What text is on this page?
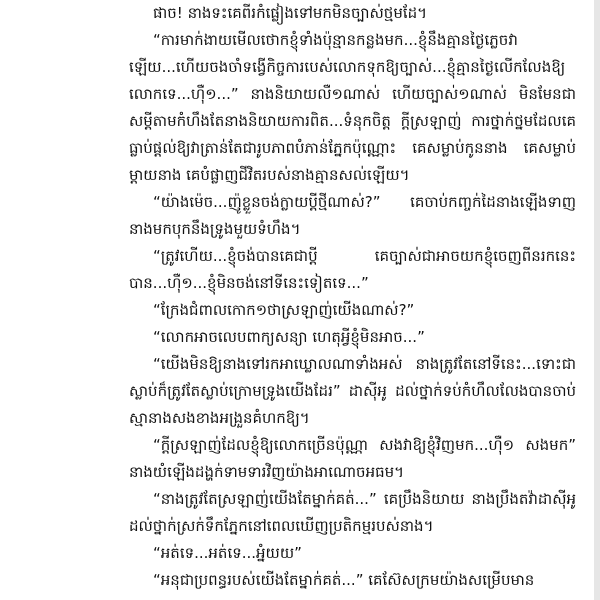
ផាច! នាងទះគេពីរកំផ្លៀងទៅមកមិនច្បាស់ថ្មមដែ។

“ការមាក់ងាយមើលថោកខ្ញុំទាំងប៉ុន្មានកន្លងមក...ខ្ញុំនឹងគ្មានថ្ងៃភ្លេចវាឡើយ...ហើយចងចាំទង្វើកិច្ចការបេស់លោកទុកឱ្យច្បាស់...ខ្ញុំគ្មានថ្ងៃលើកលែងឱ្យលោកទេ...ហ៊ឺ១...” នាងនិយាយលឺ១ណាស់ ហើយច្បាស់១ណាស់ មិនមែនជាសម្ដីតាមកំហឹងតែនាងនិយាយការពិត...ទំនុកចិត្ត ក្ដីស្រឡាញ់ ការថ្នាក់ថ្នមដែលគេធ្លាប់ផ្ដល់ឱ្យវាត្រាន់តែជារូបភាពបំភាន់ភ្នែកប៉ុណ្ណោះ គេសម្លាប់កូននាង គេសម្លាប់ម្ដាយនាង គេបំផ្លាញជីវិតរបស់នាងគ្មានសល់ឡើយ។

“យ៉ាងម៉េច...ញ៉ូខ្លួនចង់ក្លាយប្ដីថ្មីណាស់?” គេចាប់កញ្ចក់ដៃនាងឡើងទាញនាងមកបុកនឹងទ្រូងមួយទំហឹង។

“ត្រូវហើយ...ខ្ញុំចង់បានគេជាប្ដី គេច្បាស់ជាអាចយកខ្ញុំចេញពីនរកនេះបាន...ហ៊ឺ១...ខ្ញុំមិនចង់នៅទីនេះទៀតទេ...”

“ក្រែងជំពាលកោក១ថាស្រឡាញ់យើងណាស់?”

“លោកអាចលេបពាក្យសន្យា ហេតុអ្វីខ្ញុំមិនអាច...”

“យើងមិនឱ្យនាងទៅរកអាឃ្លោលណាទាំងអស់ នាងត្រូវតែនៅទីនេះ...ទោះជាស្លាប់ក៏ត្រូវតែស្លាប់ក្រោមទ្រូងយើងដែរ” ដាស៊ីអូ ដល់ថ្នាក់ទប់កំហឹលលែងបានចាប់ស្មានាងសងខាងអង្រួនគំហកឱ្យ។

“ក្ដីស្រឡាញ់ដែលខ្ញុំឱ្យលោកច្រើនប៉ុណ្ណា សងវាឱ្យខ្ញុំវិញមក...ហ៊ឺ១ សងមក” នាងយំឡើងដង្ហក់ទាមទារវិញយ៉ាងអាណោចអធម។

“នាងត្រូវតែស្រឡាញ់យើងតែម្នាក់គត់...” គេប្រឹងនិយាយ នាងប្រឹងតវ៉ាដាស៊ីអូ ដល់ថ្នាក់ស្រក់ទឹកភ្នែកនៅពេលឃើញប្រតិកម្មរបស់នាង។

“អត់ទេ...អត់ទេ...អ្នំយយ”

“អនុជាប្រពន្ធរបស់យើងតែម្នាក់គត់...” គេស៊ែសក្រមយ៉ាងសម្រើបមាន
